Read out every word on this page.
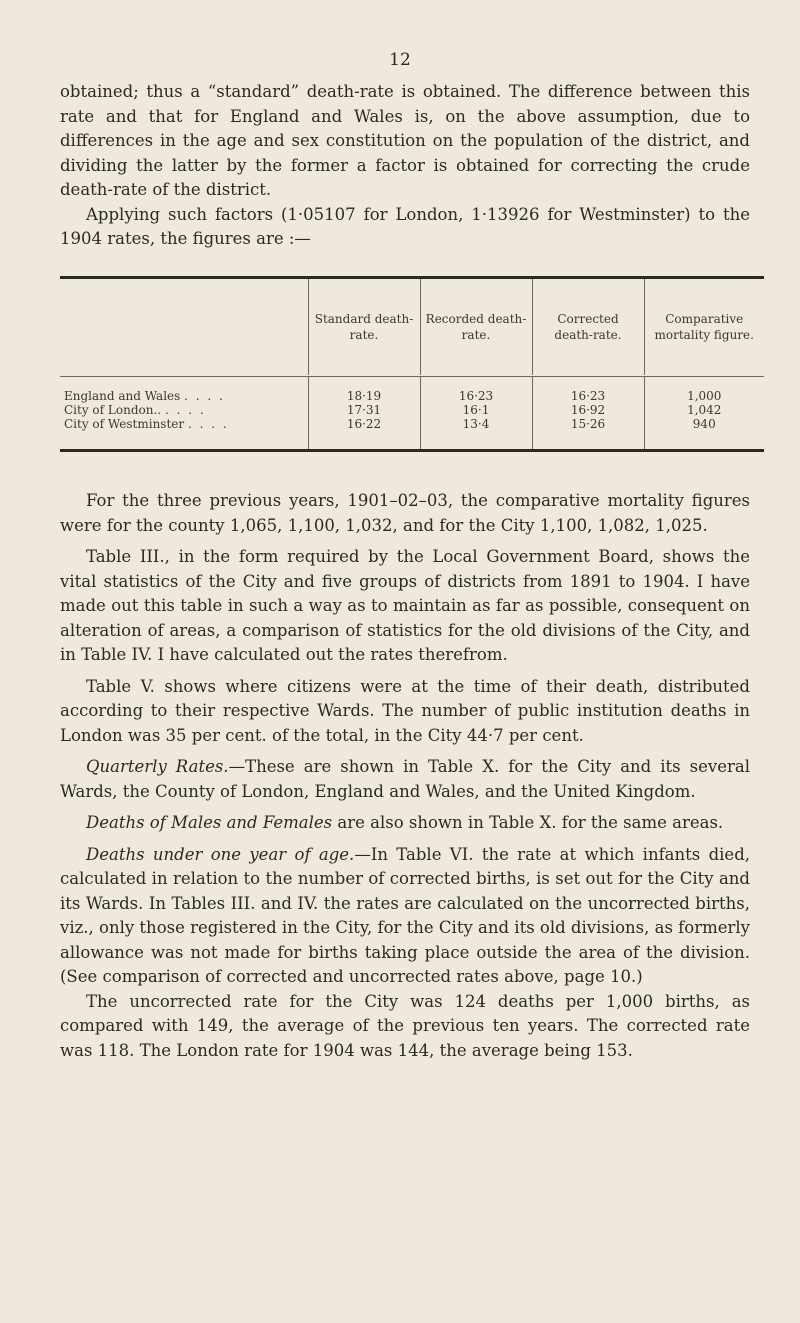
12

obtained; thus a “standard” death-rate is obtained. The difference between this rate and that for England and Wales is, on the above assumption, due to differences in the age and sex constitution on the population of the district, and dividing the latter by the former a factor is obtained for correcting the crude death-rate of the district.

Applying such factors (1·05107 for London, 1·13926 for Westminster) to the 1904 rates, the figures are :—

	Standard death-rate.	Recorded death-rate.	Corrected death-rate.	Comparative mortality figure.

England and Wales . . . .	18·19	16·23	16·23	1,000
City of London.. . . . .	17·31	16·1	16·92	1,042
City of Westminster . . . .	16·22	13·4	15·26	940

For the three previous years, 1901–02–03, the comparative mortality figures were for the county 1,065, 1,100, 1,032, and for the City 1,100, 1,082, 1,025.

Table III., in the form required by the Local Government Board, shows the vital statistics of the City and five groups of districts from 1891 to 1904. I have made out this table in such a way as to maintain as far as possible, consequent on alteration of areas, a comparison of statistics for the old divisions of the City, and in Table IV. I have calculated out the rates therefrom.

Table V. shows where citizens were at the time of their death, distributed according to their respective Wards. The number of public institution deaths in London was 35 per cent. of the total, in the City 44·7 per cent.

Quarterly Rates.—These are shown in Table X. for the City and its several Wards, the County of London, England and Wales, and the United Kingdom.

Deaths of Males and Females are also shown in Table X. for the same areas.

Deaths under one year of age.—In Table VI. the rate at which infants died, calculated in relation to the number of corrected births, is set out for the City and its Wards. In Tables III. and IV. the rates are calculated on the uncorrected births, viz., only those registered in the City, for the City and its old divisions, as formerly allowance was not made for births taking place outside the area of the division. (See comparison of corrected and uncorrected rates above, page 10.)

The uncorrected rate for the City was 124 deaths per 1,000 births, as compared with 149, the average of the previous ten years. The corrected rate was 118. The London rate for 1904 was 144, the average being 153.
